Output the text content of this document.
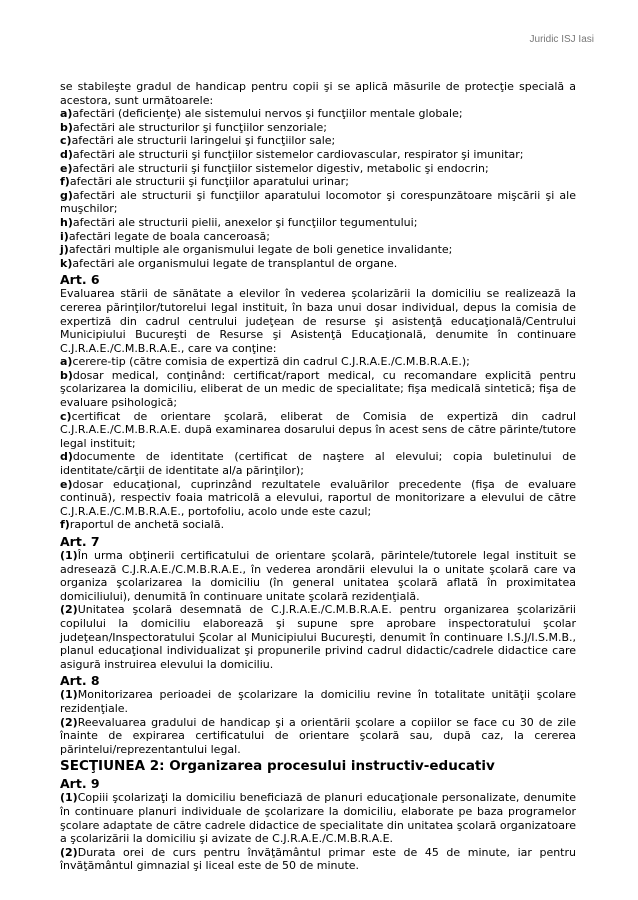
Juridic ISJ Iasi

se stabileşte gradul de handicap pentru copii şi se aplică măsurile de protecţie specială a acestora, sunt următoarele:

a)afectări (deficienţe) ale sistemului nervos şi funcţiilor mentale globale;

b)afectări ale structurilor şi funcţiilor senzoriale;

c)afectări ale structurii laringelui şi funcţiilor sale;

d)afectări ale structurii şi funcţiilor sistemelor cardiovascular, respirator şi imunitar;

e)afectări ale structurii şi funcţiilor sistemelor digestiv, metabolic şi endocrin;

f)afectări ale structurii şi funcţiilor aparatului urinar;

g)afectări ale structurii şi funcţiilor aparatului locomotor şi corespunzătoare mişcării şi ale muşchilor;

h)afectări ale structurii pielii, anexelor şi funcţiilor tegumentului;

i)afectări legate de boala canceroasă;

j)afectări multiple ale organismului legate de boli genetice invalidante;

k)afectări ale organismului legate de transplantul de organe.

Art. 6

Evaluarea stării de sănătate a elevilor în vederea şcolarizării la domiciliu se realizează la cererea părinţilor/tutorelui legal instituit, în baza unui dosar individual, depus la comisia de expertiză din cadrul centrului judeţean de resurse şi asistenţă educaţională/Centrului Municipiului Bucureşti de Resurse şi Asistenţă Educaţională, denumite în continuare C.J.R.A.E./C.M.B.R.A.E., care va conţine:

a)cerere-tip (către comisia de expertiză din cadrul C.J.R.A.E./C.M.B.R.A.E.);

b)dosar medical, conţinând: certificat/raport medical, cu recomandare explicită pentru şcolarizarea la domiciliu, eliberat de un medic de specialitate; fişa medicală sintetică; fişa de evaluare psihologică;

c)certificat de orientare şcolară, eliberat de Comisia de expertiză din cadrul C.J.R.A.E./C.M.B.R.A.E. după examinarea dosarului depus în acest sens de către părinte/tutore legal instituit;

d)documente de identitate (certificat de naştere al elevului; copia buletinului de identitate/cărţii de identitate al/a părinţilor);

e)dosar educaţional, cuprinzând rezultatele evaluărilor precedente (fişa de evaluare continuă), respectiv foaia matricolă a elevului, raportul de monitorizare a elevului de către C.J.R.A.E./C.M.B.R.A.E., portofoliu, acolo unde este cazul;

f)raportul de anchetă socială.

Art. 7

(1)În urma obţinerii certificatului de orientare şcolară, părintele/tutorele legal instituit se adresează C.J.R.A.E./C.M.B.R.A.E., în vederea arondării elevului la o unitate şcolară care va organiza şcolarizarea la domiciliu (în general unitatea şcolară aflată în proximitatea domiciliului), denumită în continuare unitate şcolară rezidenţială.

(2)Unitatea şcolară desemnată de C.J.R.A.E./C.M.B.R.A.E. pentru organizarea şcolarizării copilului la domiciliu elaborează şi supune spre aprobare inspectoratului şcolar judeţean/Inspectoratului Şcolar al Municipiului Bucureşti, denumit în continuare I.S.J/I.S.M.B., planul educaţional individualizat şi propunerile privind cadrul didactic/cadrele didactice care asigură instruirea elevului la domiciliu.

Art. 8

(1)Monitorizarea perioadei de şcolarizare la domiciliu revine în totalitate unităţii şcolare rezidenţiale.

(2)Reevaluarea gradului de handicap şi a orientării şcolare a copiilor se face cu 30 de zile înainte de expirarea certificatului de orientare şcolară sau, după caz, la cererea părintelui/reprezentantului legal.

SECŢIUNEA 2: Organizarea procesului instructiv-educativ
Art. 9

(1)Copiii şcolarizaţi la domiciliu beneficiază de planuri educaţionale personalizate, denumite în continuare planuri individuale de şcolarizare la domiciliu, elaborate pe baza programelor şcolare adaptate de către cadrele didactice de specialitate din unitatea şcolară organizatoare a şcolarizării la domiciliu şi avizate de C.J.R.A.E./C.M.B.R.A.E.

(2)Durata orei de curs pentru învăţământul primar este de 45 de minute, iar pentru învăţământul gimnazial şi liceal este de 50 de minute.
